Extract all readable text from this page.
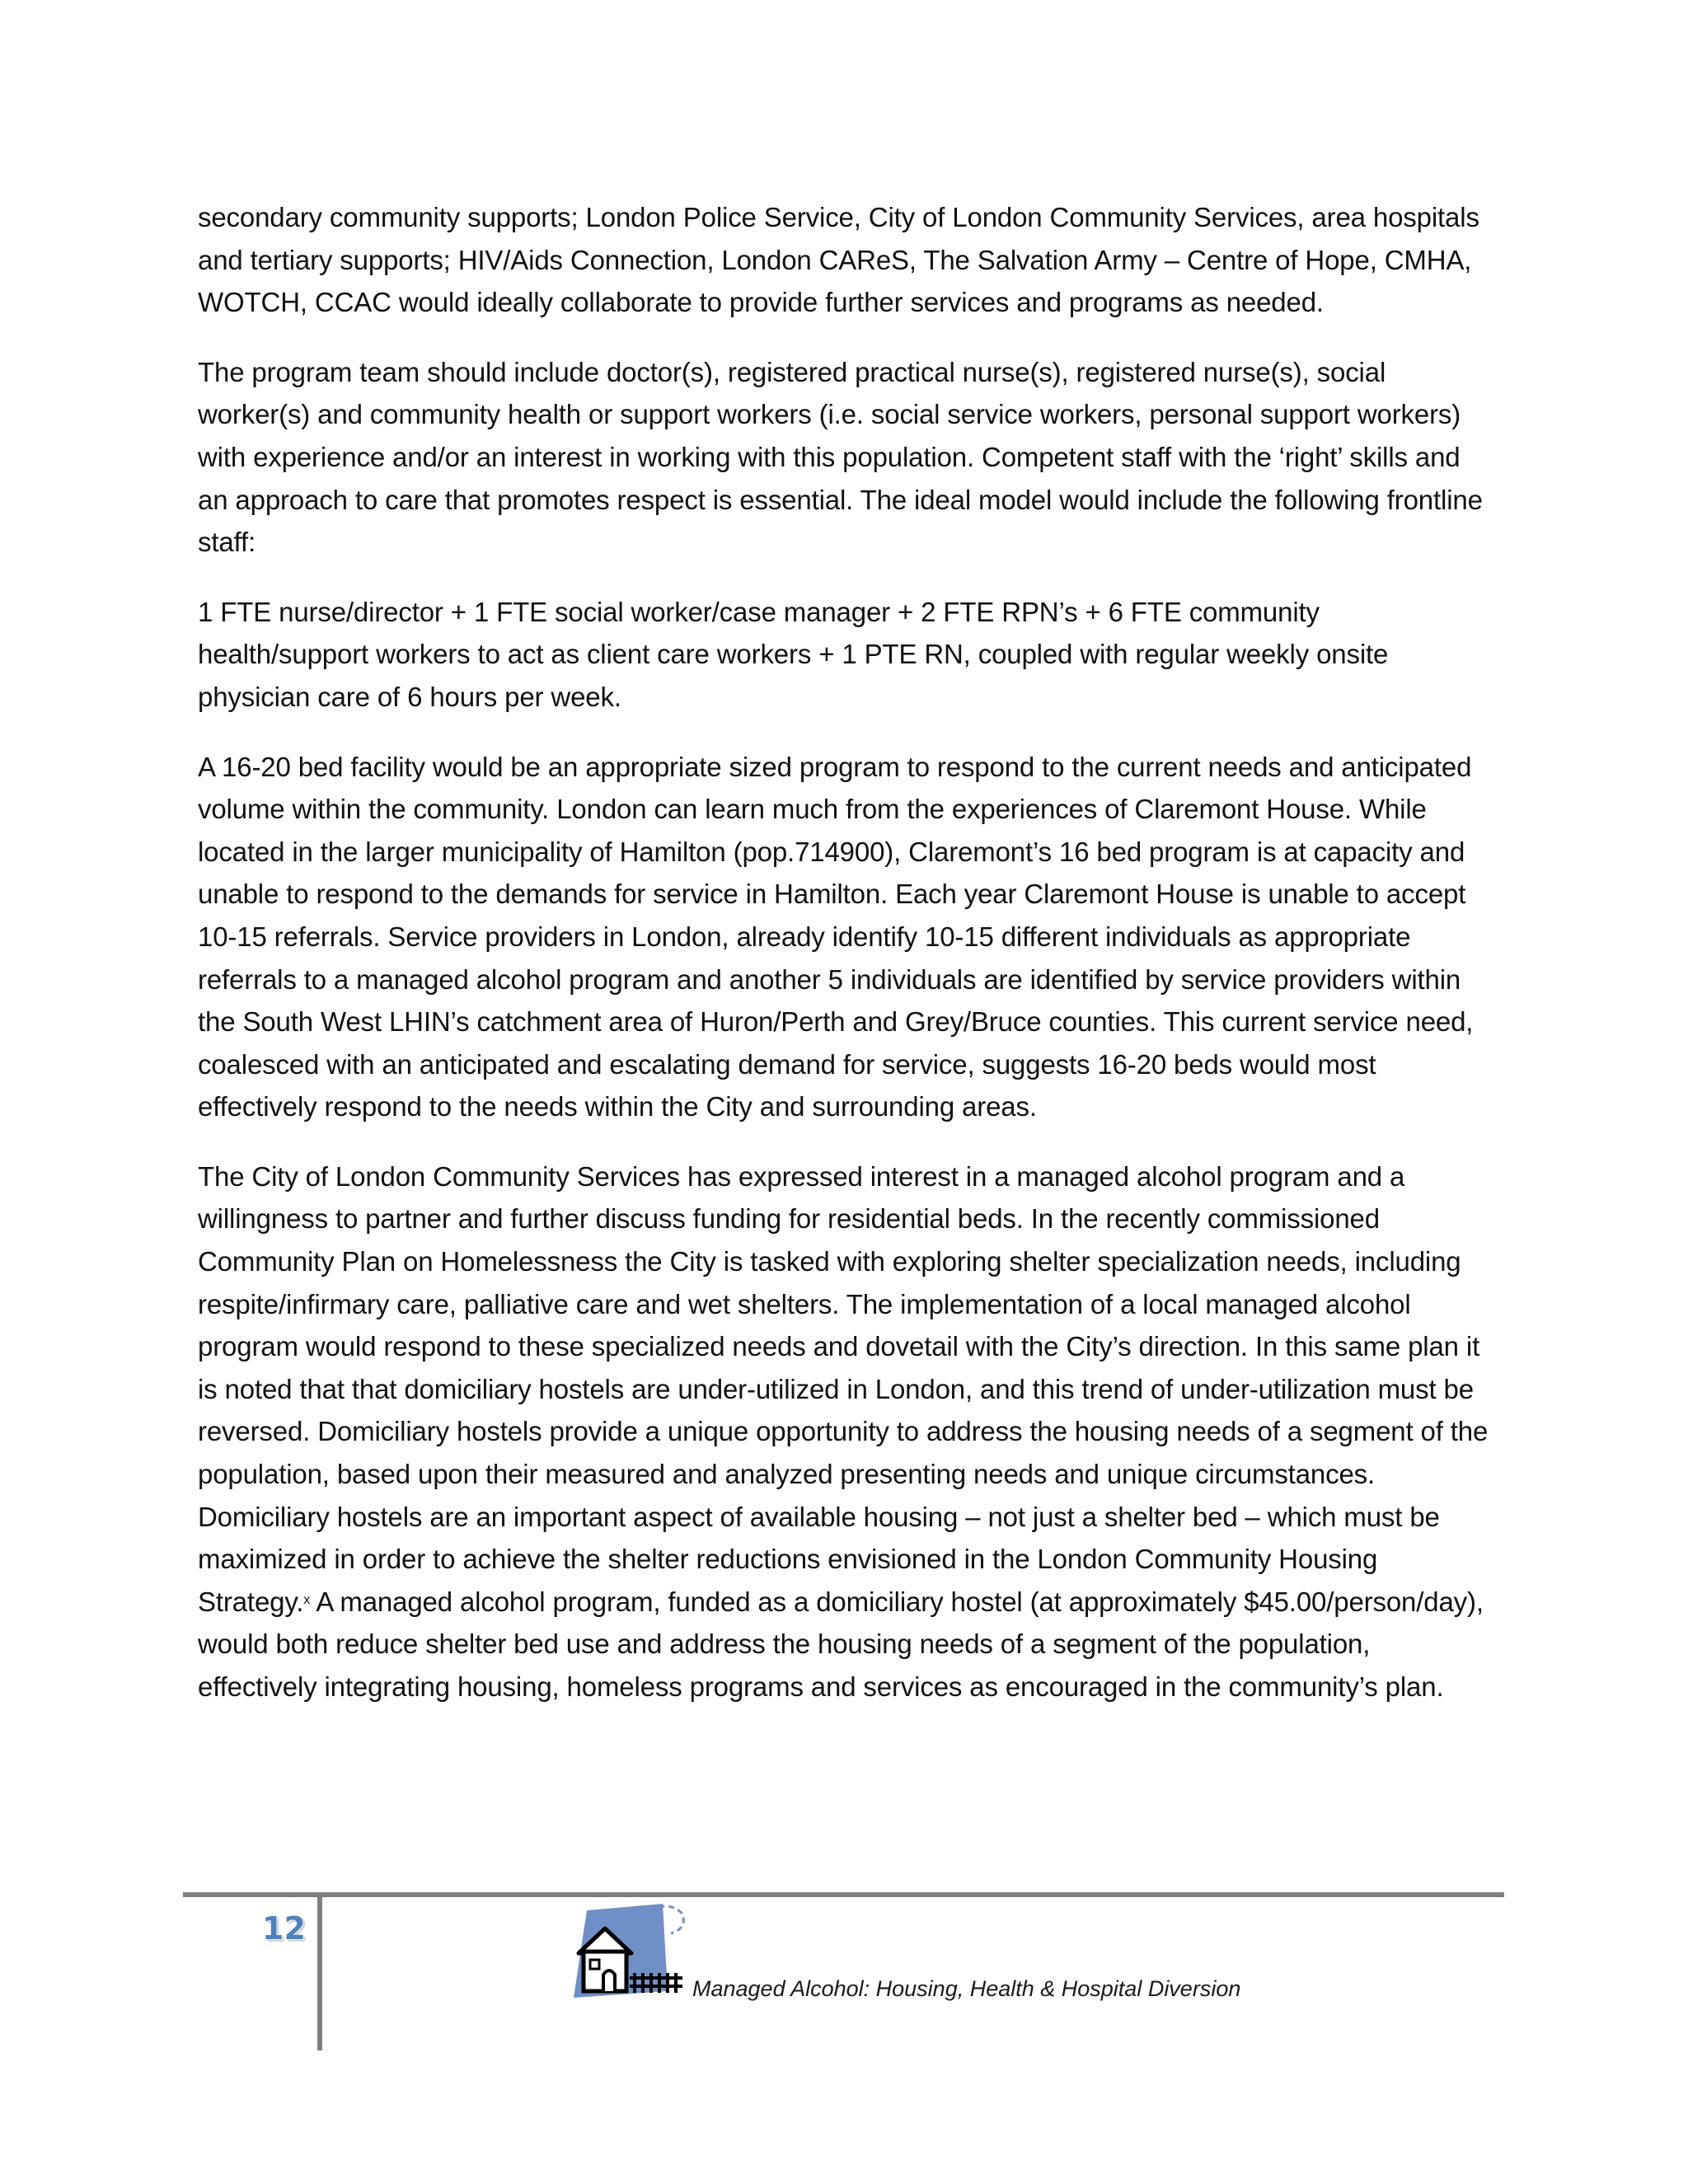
secondary community supports; London Police Service, City of London Community Services, area hospitals and tertiary supports; HIV/Aids Connection, London CAReS, The Salvation Army – Centre of Hope, CMHA, WOTCH, CCAC would ideally collaborate to provide further services and programs as needed.

The program team should include doctor(s), registered practical nurse(s), registered nurse(s), social worker(s) and community health or support workers (i.e. social service workers, personal support workers) with experience and/or an interest in working with this population. Competent staff with the ‘right’ skills and an approach to care that promotes respect is essential. The ideal model would include the following frontline staff:

1 FTE nurse/director + 1 FTE social worker/case manager + 2 FTE RPN’s + 6 FTE community health/support workers to act as client care workers + 1 PTE RN, coupled with regular weekly onsite physician care of 6 hours per week.

A 16-20 bed facility would be an appropriate sized program to respond to the current needs and anticipated volume within the community. London can learn much from the experiences of Claremont House. While located in the larger municipality of Hamilton (pop.714900), Claremont’s 16 bed program is at capacity and unable to respond to the demands for service in Hamilton. Each year Claremont House is unable to accept 10-15 referrals. Service providers in London, already identify 10-15 different individuals as appropriate referrals to a managed alcohol program and another 5 individuals are identified by service providers within the South West LHIN’s catchment area of Huron/Perth and Grey/Bruce counties. This current service need, coalesced with an anticipated and escalating demand for service, suggests 16-20 beds would most effectively respond to the needs within the City and surrounding areas.

The City of London Community Services has expressed interest in a managed alcohol program and a willingness to partner and further discuss funding for residential beds. In the recently commissioned Community Plan on Homelessness the City is tasked with exploring shelter specialization needs, including respite/infirmary care, palliative care and wet shelters. The implementation of a local managed alcohol program would respond to these specialized needs and dovetail with the City’s direction. In this same plan it is noted that that domiciliary hostels are under-utilized in London, and this trend of under-utilization must be reversed. Domiciliary hostels provide a unique opportunity to address the housing needs of a segment of the population, based upon their measured and analyzed presenting needs and unique circumstances. Domiciliary hostels are an important aspect of available housing – not just a shelter bed – which must be maximized in order to achieve the shelter reductions envisioned in the London Community Housing Strategy.$^x$ A managed alcohol program, funded as a domiciliary hostel (at approximately $45.00/person/day), would both reduce shelter bed use and address the housing needs of a segment of the population, effectively integrating housing, homeless programs and services as encouraged in the community’s plan.

12
Managed Alcohol: Housing, Health & Hospital Diversion
